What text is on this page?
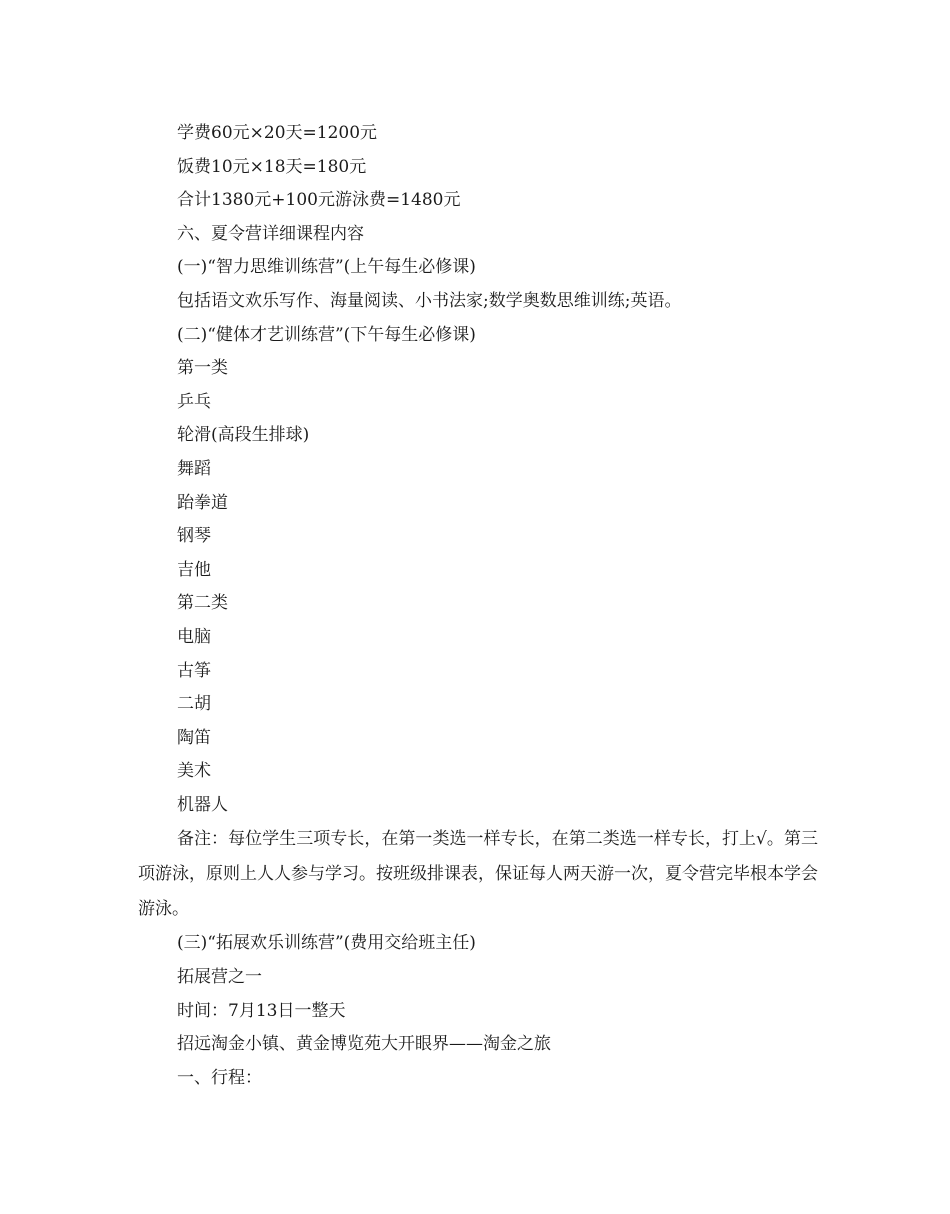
学费60元×20天=1200元
饭费10元×18天=180元
合计1380元+100元游泳费=1480元
六、夏令营详细课程内容
(一)“智力思维训练营”(上午每生必修课)
包括语文欢乐写作、海量阅读、小书法家;数学奥数思维训练;英语。
(二)“健体才艺训练营”(下午每生必修课)
第一类
乒乓
轮滑(高段生排球)
舞蹈
跆拳道
钢琴
吉他
第二类
电脑
古筝
二胡
陶笛
美术
机器人

备注：每位学生三项专长，在第一类选一样专长，在第二类选一样专长，打上√。第三项游泳，原则上人人参与学习。按班级排课表，保证每人两天游一次，夏令营完毕根本学会游泳。

(三)“拓展欢乐训练营”(费用交给班主任)
拓展营之一
时间：7月13日一整天
招远淘金小镇、黄金博览苑大开眼界——淘金之旅
一、行程：
